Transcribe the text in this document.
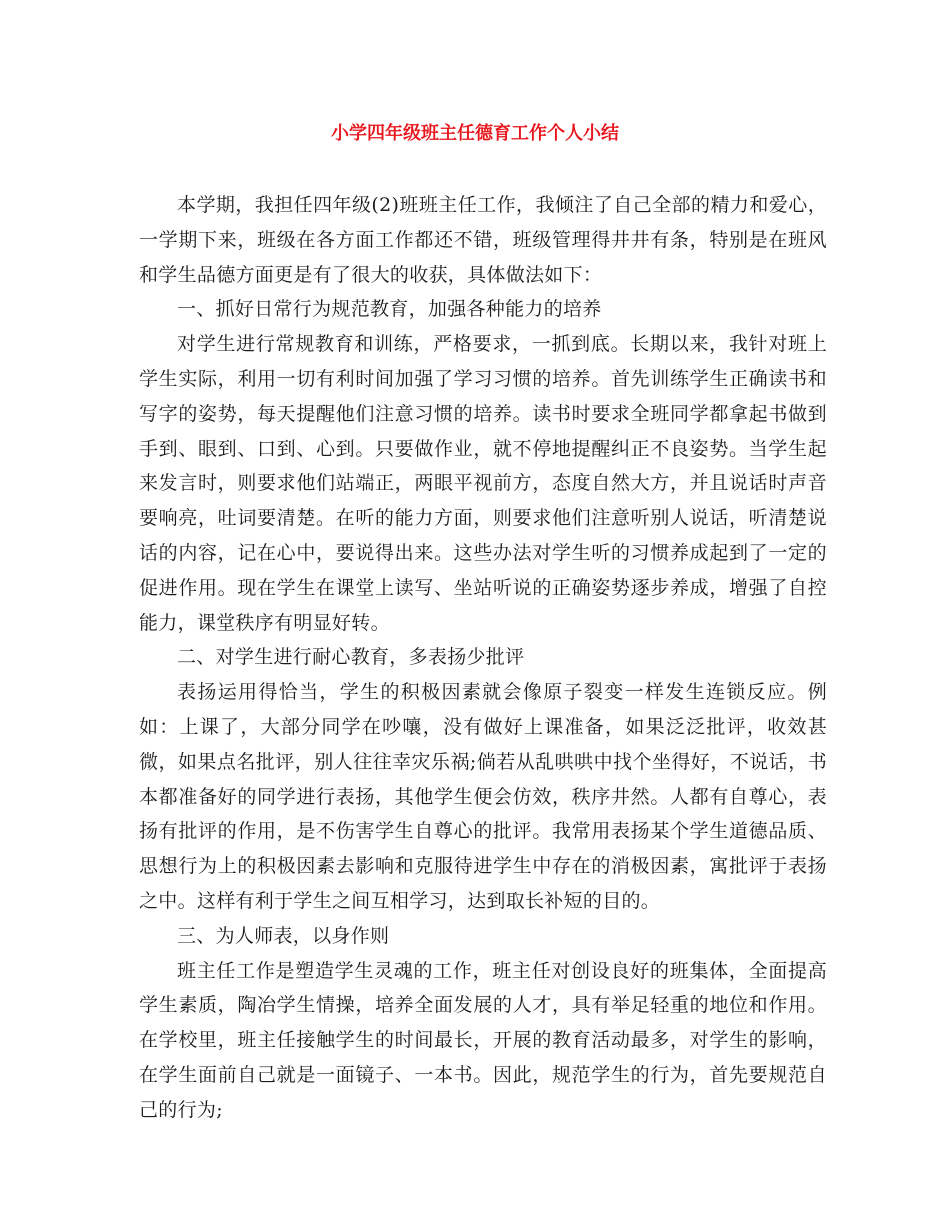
小学四年级班主任德育工作个人小结

本学期，我担任四年级(2)班班主任工作，我倾注了自己全部的精力和爱心，一学期下来，班级在各方面工作都还不错，班级管理得井井有条，特别是在班风和学生品德方面更是有了很大的收获，具体做法如下：

一、抓好日常行为规范教育，加强各种能力的培养

对学生进行常规教育和训练，严格要求，一抓到底。长期以来，我针对班上学生实际，利用一切有利时间加强了学习习惯的培养。首先训练学生正确读书和写字的姿势，每天提醒他们注意习惯的培养。读书时要求全班同学都拿起书做到手到、眼到、口到、心到。只要做作业，就不停地提醒纠正不良姿势。当学生起来发言时，则要求他们站端正，两眼平视前方，态度自然大方，并且说话时声音要响亮，吐词要清楚。在听的能力方面，则要求他们注意听别人说话，听清楚说话的内容，记在心中，要说得出来。这些办法对学生听的习惯养成起到了一定的促进作用。现在学生在课堂上读写、坐站听说的正确姿势逐步养成，增强了自控能力，课堂秩序有明显好转。

二、对学生进行耐心教育，多表扬少批评

表扬运用得恰当，学生的积极因素就会像原子裂变一样发生连锁反应。例如：上课了，大部分同学在吵嚷，没有做好上课准备，如果泛泛批评，收效甚微，如果点名批评，别人往往幸灾乐祸;倘若从乱哄哄中找个坐得好，不说话，书本都准备好的同学进行表扬，其他学生便会仿效，秩序井然。人都有自尊心，表扬有批评的作用，是不伤害学生自尊心的批评。我常用表扬某个学生道德品质、思想行为上的积极因素去影响和克服待进学生中存在的消极因素，寓批评于表扬之中。这样有利于学生之间互相学习，达到取长补短的目的。

三、为人师表，以身作则

班主任工作是塑造学生灵魂的工作，班主任对创设良好的班集体，全面提高学生素质，陶冶学生情操，培养全面发展的人才，具有举足轻重的地位和作用。在学校里，班主任接触学生的时间最长，开展的教育活动最多，对学生的影响，在学生面前自己就是一面镜子、一本书。因此，规范学生的行为，首先要规范自己的行为;
